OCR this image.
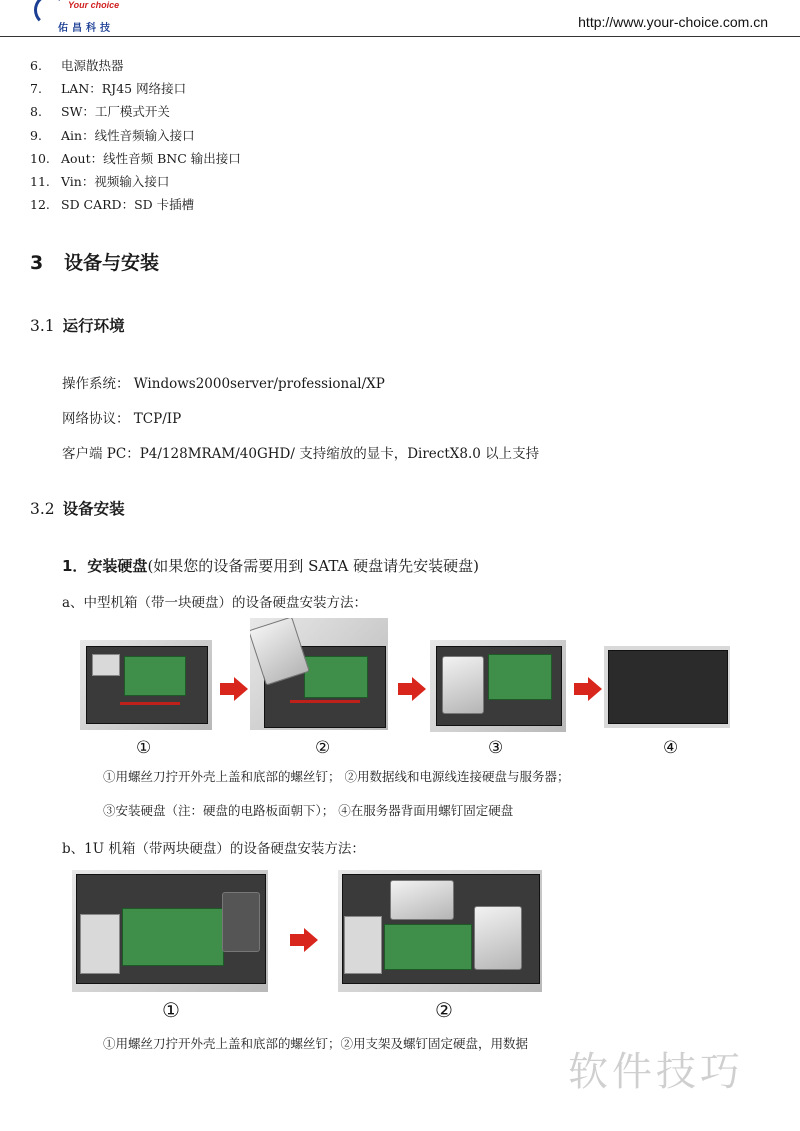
Your choice
佑昌科技	http://www.your-choice.com.cn
6. 电源散热器
7. LAN：RJ45 网络接口
8. SW：工厂模式开关
9. Ain：线性音频输入接口
10. Aout：线性音频 BNC 输出接口
11. Vin：视频输入接口
12. SD CARD：SD 卡插槽
3 设备与安装
3.1 运行环境
操作系统： Windows2000server/professional/XP
网络协议： TCP/IP
客户端 PC：P4/128MRAM/40GHD/ 支持缩放的显卡，DirectX8.0 以上支持
3.2 设备安装
1．安装硬盘(如果您的设备需要用到 SATA 硬盘请先安装硬盘)
a、中型机箱（带一块硬盘）的设备硬盘安装方法：
①	②	③	④
①用螺丝刀拧开外壳上盖和底部的螺丝钉； ②用数据线和电源线连接硬盘与服务器；
③安装硬盘（注：硬盘的电路板面朝下）； ④在服务器背面用螺钉固定硬盘
b、1U 机箱（带两块硬盘）的设备硬盘安装方法：
①	②
①用螺丝刀拧开外壳上盖和底部的螺丝钉；②用支架及螺钉固定硬盘，用数据
软件技巧
